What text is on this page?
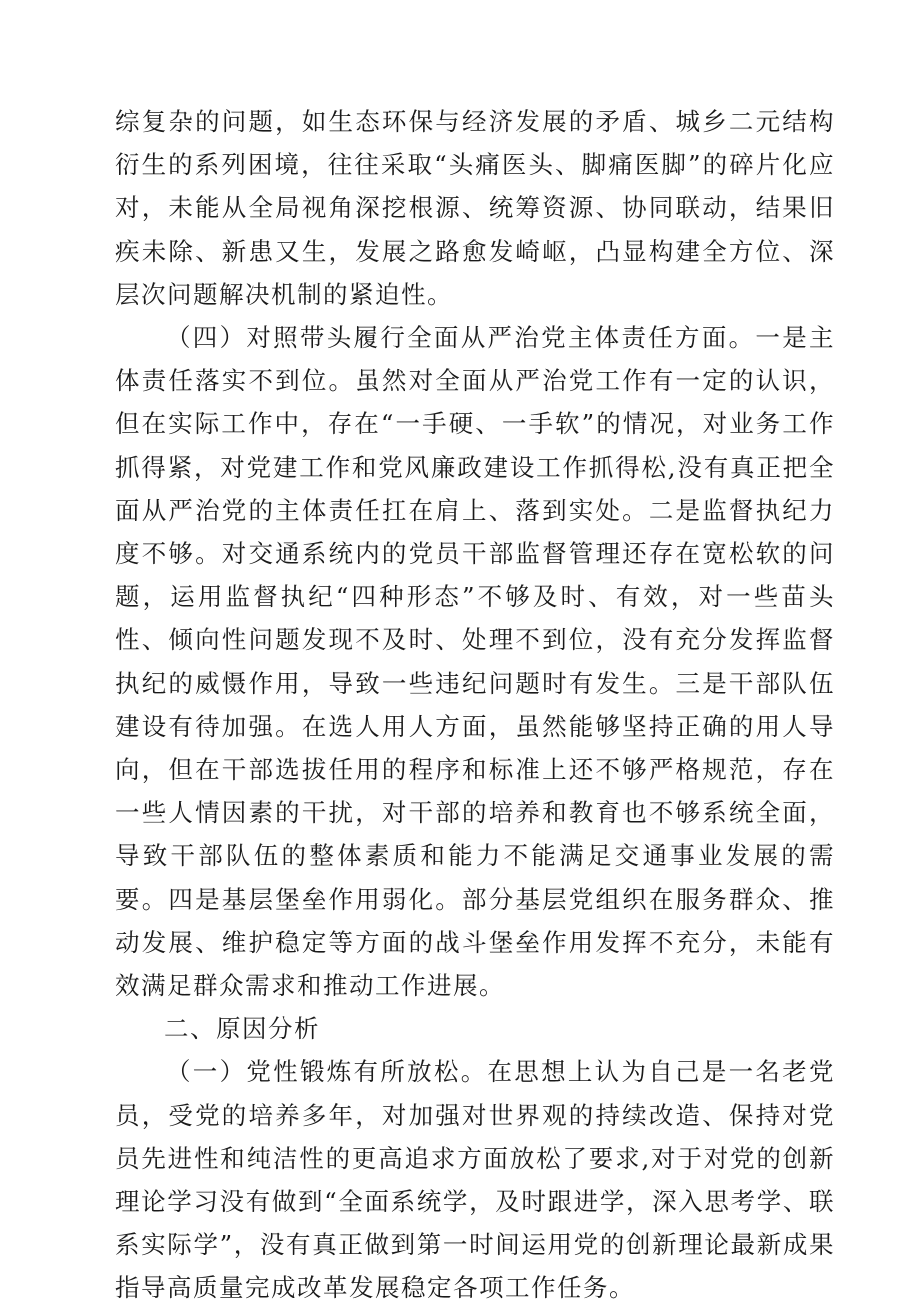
综复杂的问题，如生态环保与经济发展的矛盾、城乡二元结构衍生的系列困境，往往采取“头痛医头、脚痛医脚”的碎片化应对，未能从全局视角深挖根源、统筹资源、协同联动，结果旧疾未除、新患又生，发展之路愈发崎岖，凸显构建全方位、深层次问题解决机制的紧迫性。

（四）对照带头履行全面从严治党主体责任方面。一是主体责任落实不到位。虽然对全面从严治党工作有一定的认识，但在实际工作中，存在“一手硬、一手软”的情况，对业务工作抓得紧，对党建工作和党风廉政建设工作抓得松,没有真正把全面从严治党的主体责任扛在肩上、落到实处。二是监督执纪力度不够。对交通系统内的党员干部监督管理还存在宽松软的问题，运用监督执纪“四种形态”不够及时、有效，对一些苗头性、倾向性问题发现不及时、处理不到位，没有充分发挥监督执纪的威慑作用，导致一些违纪问题时有发生。三是干部队伍建设有待加强。在选人用人方面，虽然能够坚持正确的用人导向，但在干部选拔任用的程序和标准上还不够严格规范，存在一些人情因素的干扰，对干部的培养和教育也不够系统全面，导致干部队伍的整体素质和能力不能满足交通事业发展的需要。四是基层堡垒作用弱化。部分基层党组织在服务群众、推动发展、维护稳定等方面的战斗堡垒作用发挥不充分，未能有效满足群众需求和推动工作进展。

二、原因分析

（一）党性锻炼有所放松。在思想上认为自己是一名老党员，受党的培养多年，对加强对世界观的持续改造、保持对党员先进性和纯洁性的更高追求方面放松了要求,对于对党的创新理论学习没有做到“全面系统学，及时跟进学，深入思考学、联系实际学”，没有真正做到第一时间运用党的创新理论最新成果指导高质量完成改革发展稳定各项工作任务。
